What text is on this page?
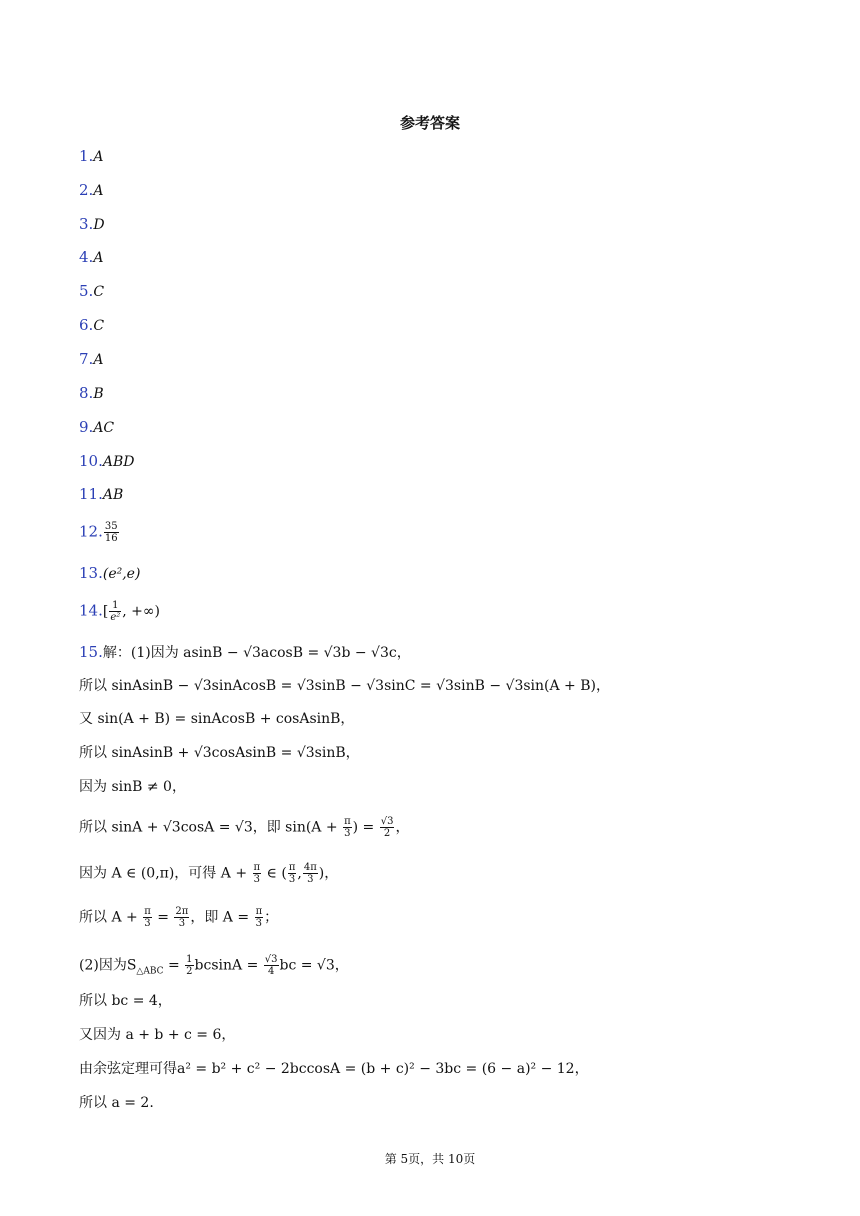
参考答案
1.A
2.A
3.D
4.A
5.C
6.C
7.A
8.B
9.AC
10.ABD
11.AB
12. $\frac{35}{16}$
13.(e²,e)
$14.[ \frac{1}{\text{e²}}$ , +∞)
15.解：(1)因为 asinB − √3acosB = √3b − √3c，
所以 sinAsinB − √3sinAcosB = √3sinB − √3sinC = √3sinB − √3sin(A + B)，
又 sin(A + B) = sinAcosB + cosAsinB，
所以 sinAsinB + √3cosAsinB = √3sinB，
因为 sinB ≠ 0，
所以 sinA + √3cosA = √3，即 $\sin(A + \frac{\pi}{3}$ ) = $\frac{√3}{2}$ ，
因为 A ∈ (0,π)，可得 $A + \frac{\pi}{3}$ ∈ ( $\frac{\pi}{3}$ , $\frac{4\pi}{3}$ )，
所以 $A + \frac{\pi}{3} = \frac{2\pi}{3}$ ，即 $A = \frac{\pi}{3}$ ；
(2)因为$S_{\triangle ABC} = \frac{1}{2}$ $bcsinA = \frac{√3}{4}$ bc = √3，
所以 bc = 4，
又因为 a + b + c = 6，
由余弦定理可得a² = b² + c² − 2bccosA = (b + c)² − 3bc = (6 − a)² − 12，
所以 a = 2.
第 5页，共 10页
